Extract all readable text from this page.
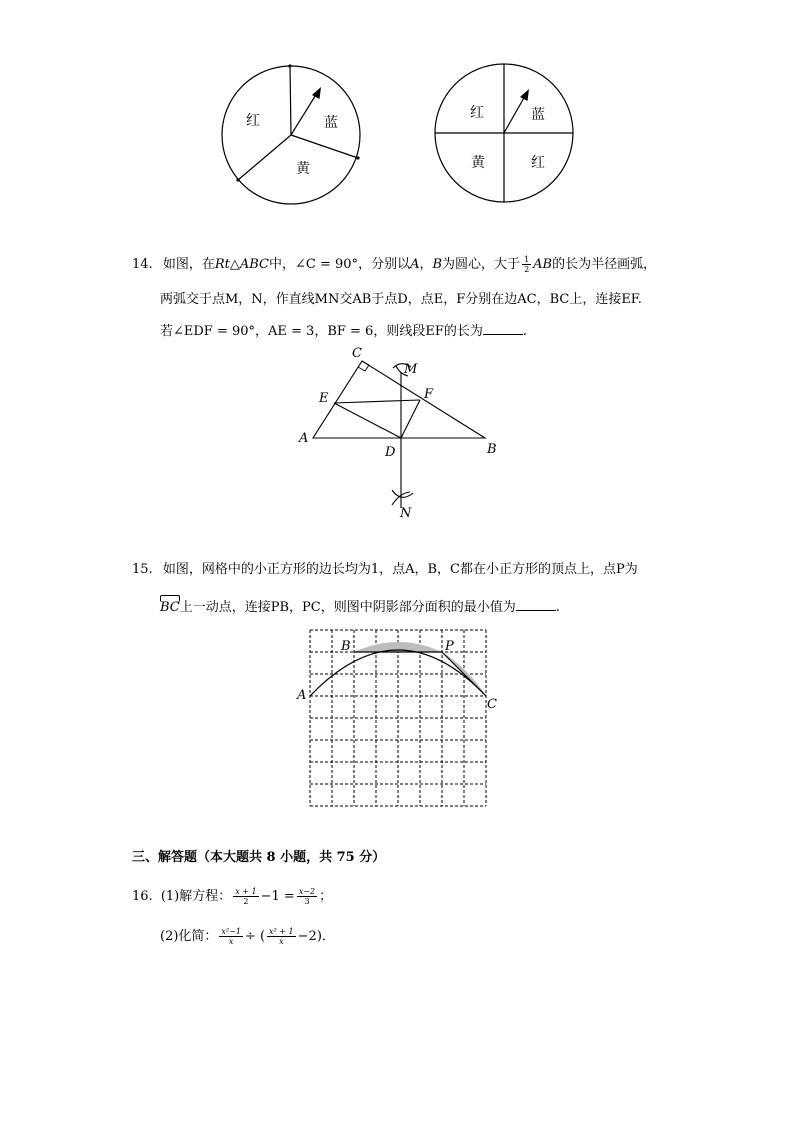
红	蓝
黄
红	蓝
黄	红
14. 如图，在Rt△ABC中，∠C = 90°，分别以A，B为圆心，大于 $\frac{1}{2}$ AB的长为半径画弧，
两弧交于点M，N，作直线MN交AB于点D，点E，F分别在边AC，BC上，连接EF.
若∠EDF = 90°，AE = 3，BF = 6，则线段EF的长为	.
C
M
E	F
A
D	B
N
15. 如图，网格中的小正方形的边长均为1，点A，B，C都在小正方形的顶点上，点P为
BC上一动点，连接PB，PC，则图中阴影部分面积的最小值为	.
B
A
P
C
三、解答题（本大题共 8 小题，共 75 分）
16. (1)解方程： $\frac{x + 1}{2} -1 = \frac{x-2}{3}$ ；
(2)化简： $\frac{\text{x²−1}}{x}$ ÷ ( $\frac{\text{x² + 1}}{x} -2$)．
